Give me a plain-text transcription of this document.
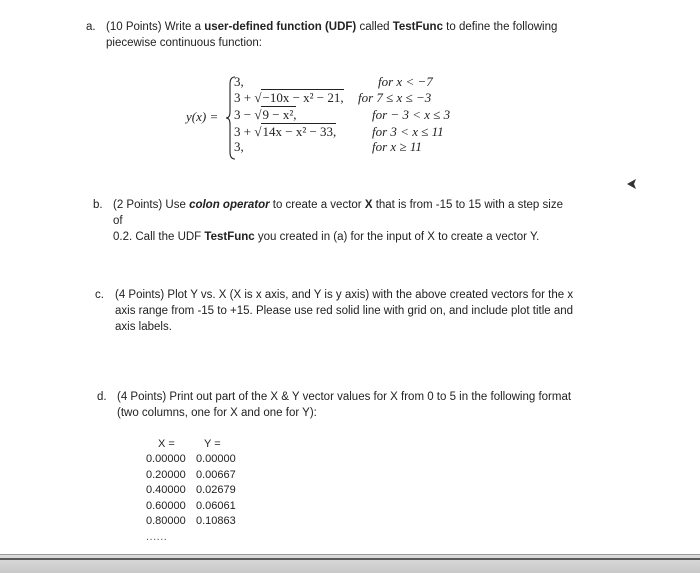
a. (10 Points) Write a user-defined function (UDF) called TestFunc to define the following
piecewise continuous function:
y(x) =
3,	for x < −7
3 + √−10x − x² − 21, for 7 ≤ x ≤ −3
3 − √9 − x²,	for − 3 < x ≤ 3
3 + √14x − x² − 33,	for 3 < x ≤ 11
3,	for x ≥ 11
b. (2 Points) Use colon operator to create a vector X that is from -15 to 15 with a step size of
0.2. Call the UDF TestFunc you created in (a) for the input of X to create a vector Y.
c. (4 Points) Plot Y vs. X (X is x axis, and Y is y axis) with the above created vectors for the x
axis range from -15 to +15. Please use red solid line with grid on, and include plot title and
axis labels.
d. (4 Points) Print out part of the X & Y vector values for X from 0 to 5 in the following format
(two columns, one for X and one for Y):
X =	Y =
0.00000 0.00000
0.20000 0.00667
0.40000 0.02679
0.60000 0.06061
0.80000 0.10863
......
